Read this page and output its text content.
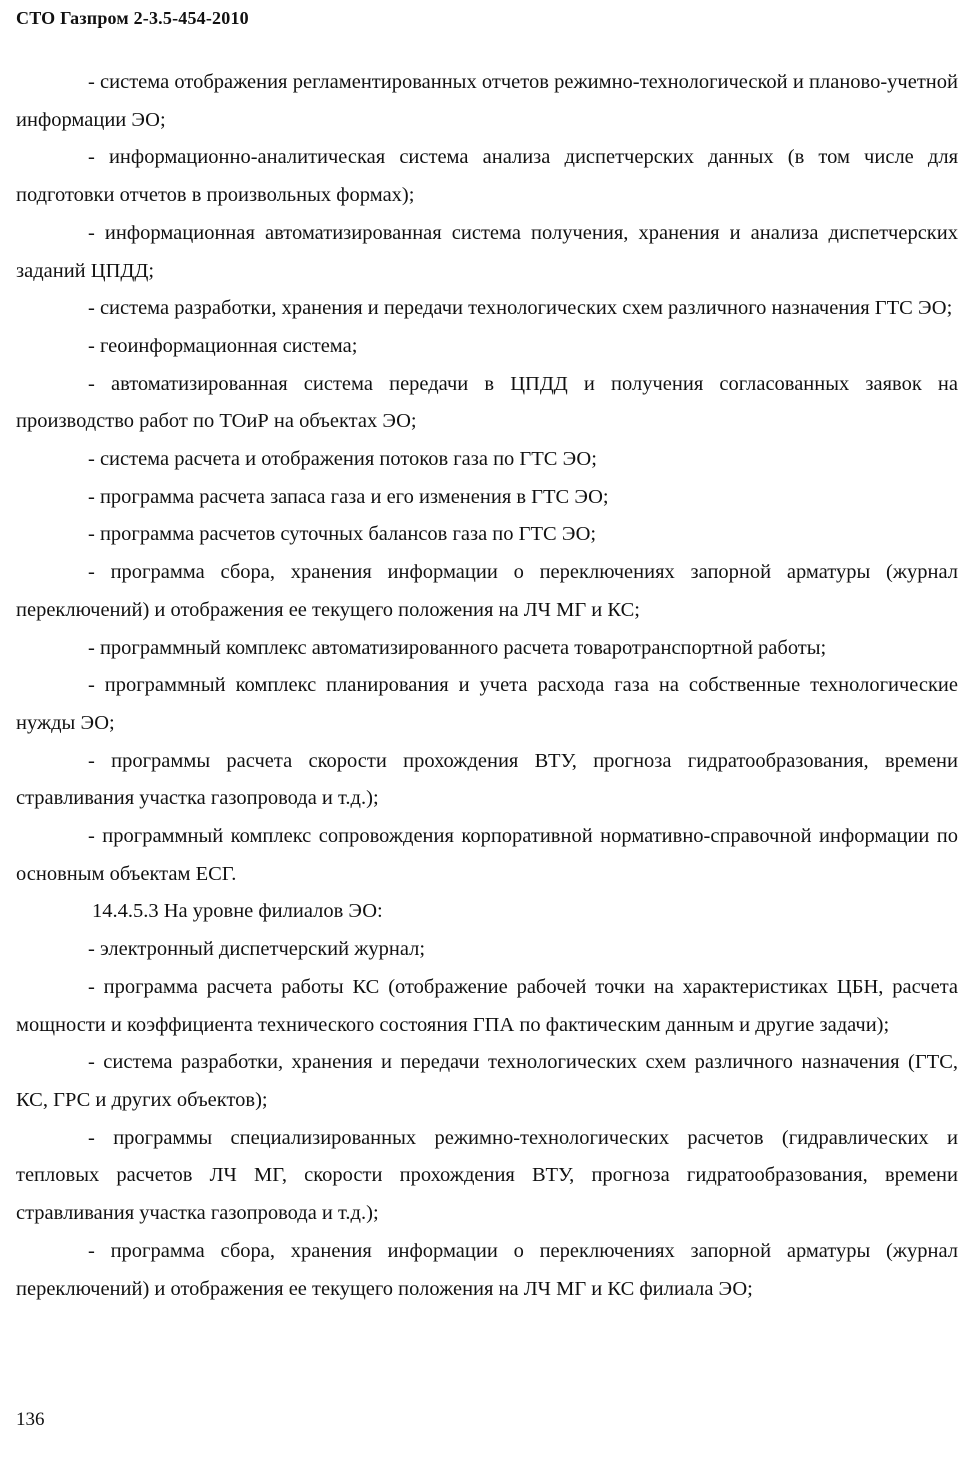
СТО Газпром 2-3.5-454-2010

- система отображения регламентированных отчетов режимно-технологической и планово-учетной информации ЭО;

- информационно-аналитическая система анализа диспетчерских данных (в том числе для подготовки отчетов в произвольных формах);

- информационная автоматизированная система получения, хранения и анализа диспетчерских заданий ЦПДД;

- система разработки, хранения и передачи технологических схем различного назначения ГТС ЭО;

- геоинформационная система;

- автоматизированная система передачи в ЦПДД и получения согласованных заявок на производство работ по ТОиР на объектах ЭО;

- система расчета и отображения потоков газа по ГТС ЭО;

- программа расчета запаса газа и его изменения в ГТС ЭО;

- программа расчетов суточных балансов газа по ГТС ЭО;

- программа сбора, хранения информации о переключениях запорной арматуры (журнал переключений) и отображения ее текущего положения на ЛЧ МГ и КС;

- программный комплекс автоматизированного расчета товаротранспортной работы;

- программный комплекс планирования и учета расхода газа на собственные технологические нужды ЭО;

- программы расчета скорости прохождения ВТУ, прогноза гидратообразования, времени стравливания участка газопровода и т.д.);

- программный комплекс сопровождения корпоративной нормативно-справочной информации по основным объектам ЕСГ.

14.4.5.3 На уровне филиалов ЭО:

- электронный диспетчерский журнал;

- программа расчета работы КС (отображение рабочей точки на характеристиках ЦБН, расчета мощности и коэффициента технического состояния ГПА по фактическим данным и другие задачи);

- система разработки, хранения и передачи технологических схем различного назначения (ГТС, КС, ГРС и других объектов);

- программы специализированных режимно-технологических расчетов (гидравлических и тепловых расчетов ЛЧ МГ, скорости прохождения ВТУ, прогноза гидратообразования, времени стравливания участка газопровода и т.д.);

- программа сбора, хранения информации о переключениях запорной арматуры (журнал переключений) и отображения ее текущего положения на ЛЧ МГ и КС филиала ЭО;

136
